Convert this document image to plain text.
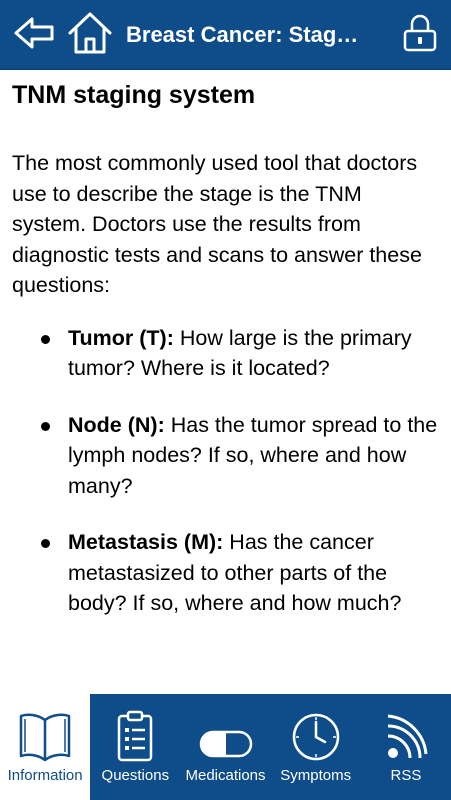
Breast Cancer: Stag…
TNM staging system

The most commonly used tool that doctors use to describe the stage is the TNM system. Doctors use the results from diagnostic tests and scans to answer these questions:

Tumor (T): How large is the primary tumor? Where is it located?
Node (N): Has the tumor spread to the lymph nodes? If so, where and how many?
Metastasis (M): Has the cancer metastasized to other parts of the body? If so, where and how much?
Information Questions Medications Symptoms	RSS
